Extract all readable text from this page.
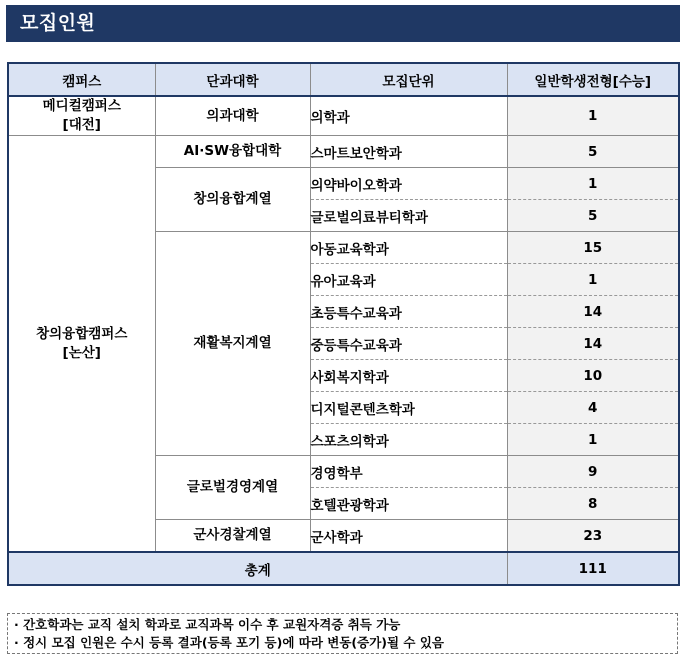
모집인원
캠퍼스	단과대학	모집단위	일반학생전형[수능]

메디컬캠퍼스
[대전]	의과대학	의학과	1

창의융합캠퍼스
[논산]	AI·SW융합대학	스마트보안학과	5
	창의융합계열	의약바이오학과	1
		글로벌의료뷰티학과	5
	재활복지계열	아동교육학과	15
		유아교육과	1
		초등특수교육과	14
		중등특수교육과	14
		사회복지학과	10
		디지털콘텐츠학과	4
		스포츠의학과	1
	글로벌경영계열	경영학부	9
		호텔관광학과	8
	군사경찰계열	군사학과	23
총계			111
· 간호학과는 교직 설치 학과로 교직과목 이수 후 교원자격증 취득 가능
· 정시 모집 인원은 수시 등록 결과(등록 포기 등)에 따라 변동(증가)될 수 있음
